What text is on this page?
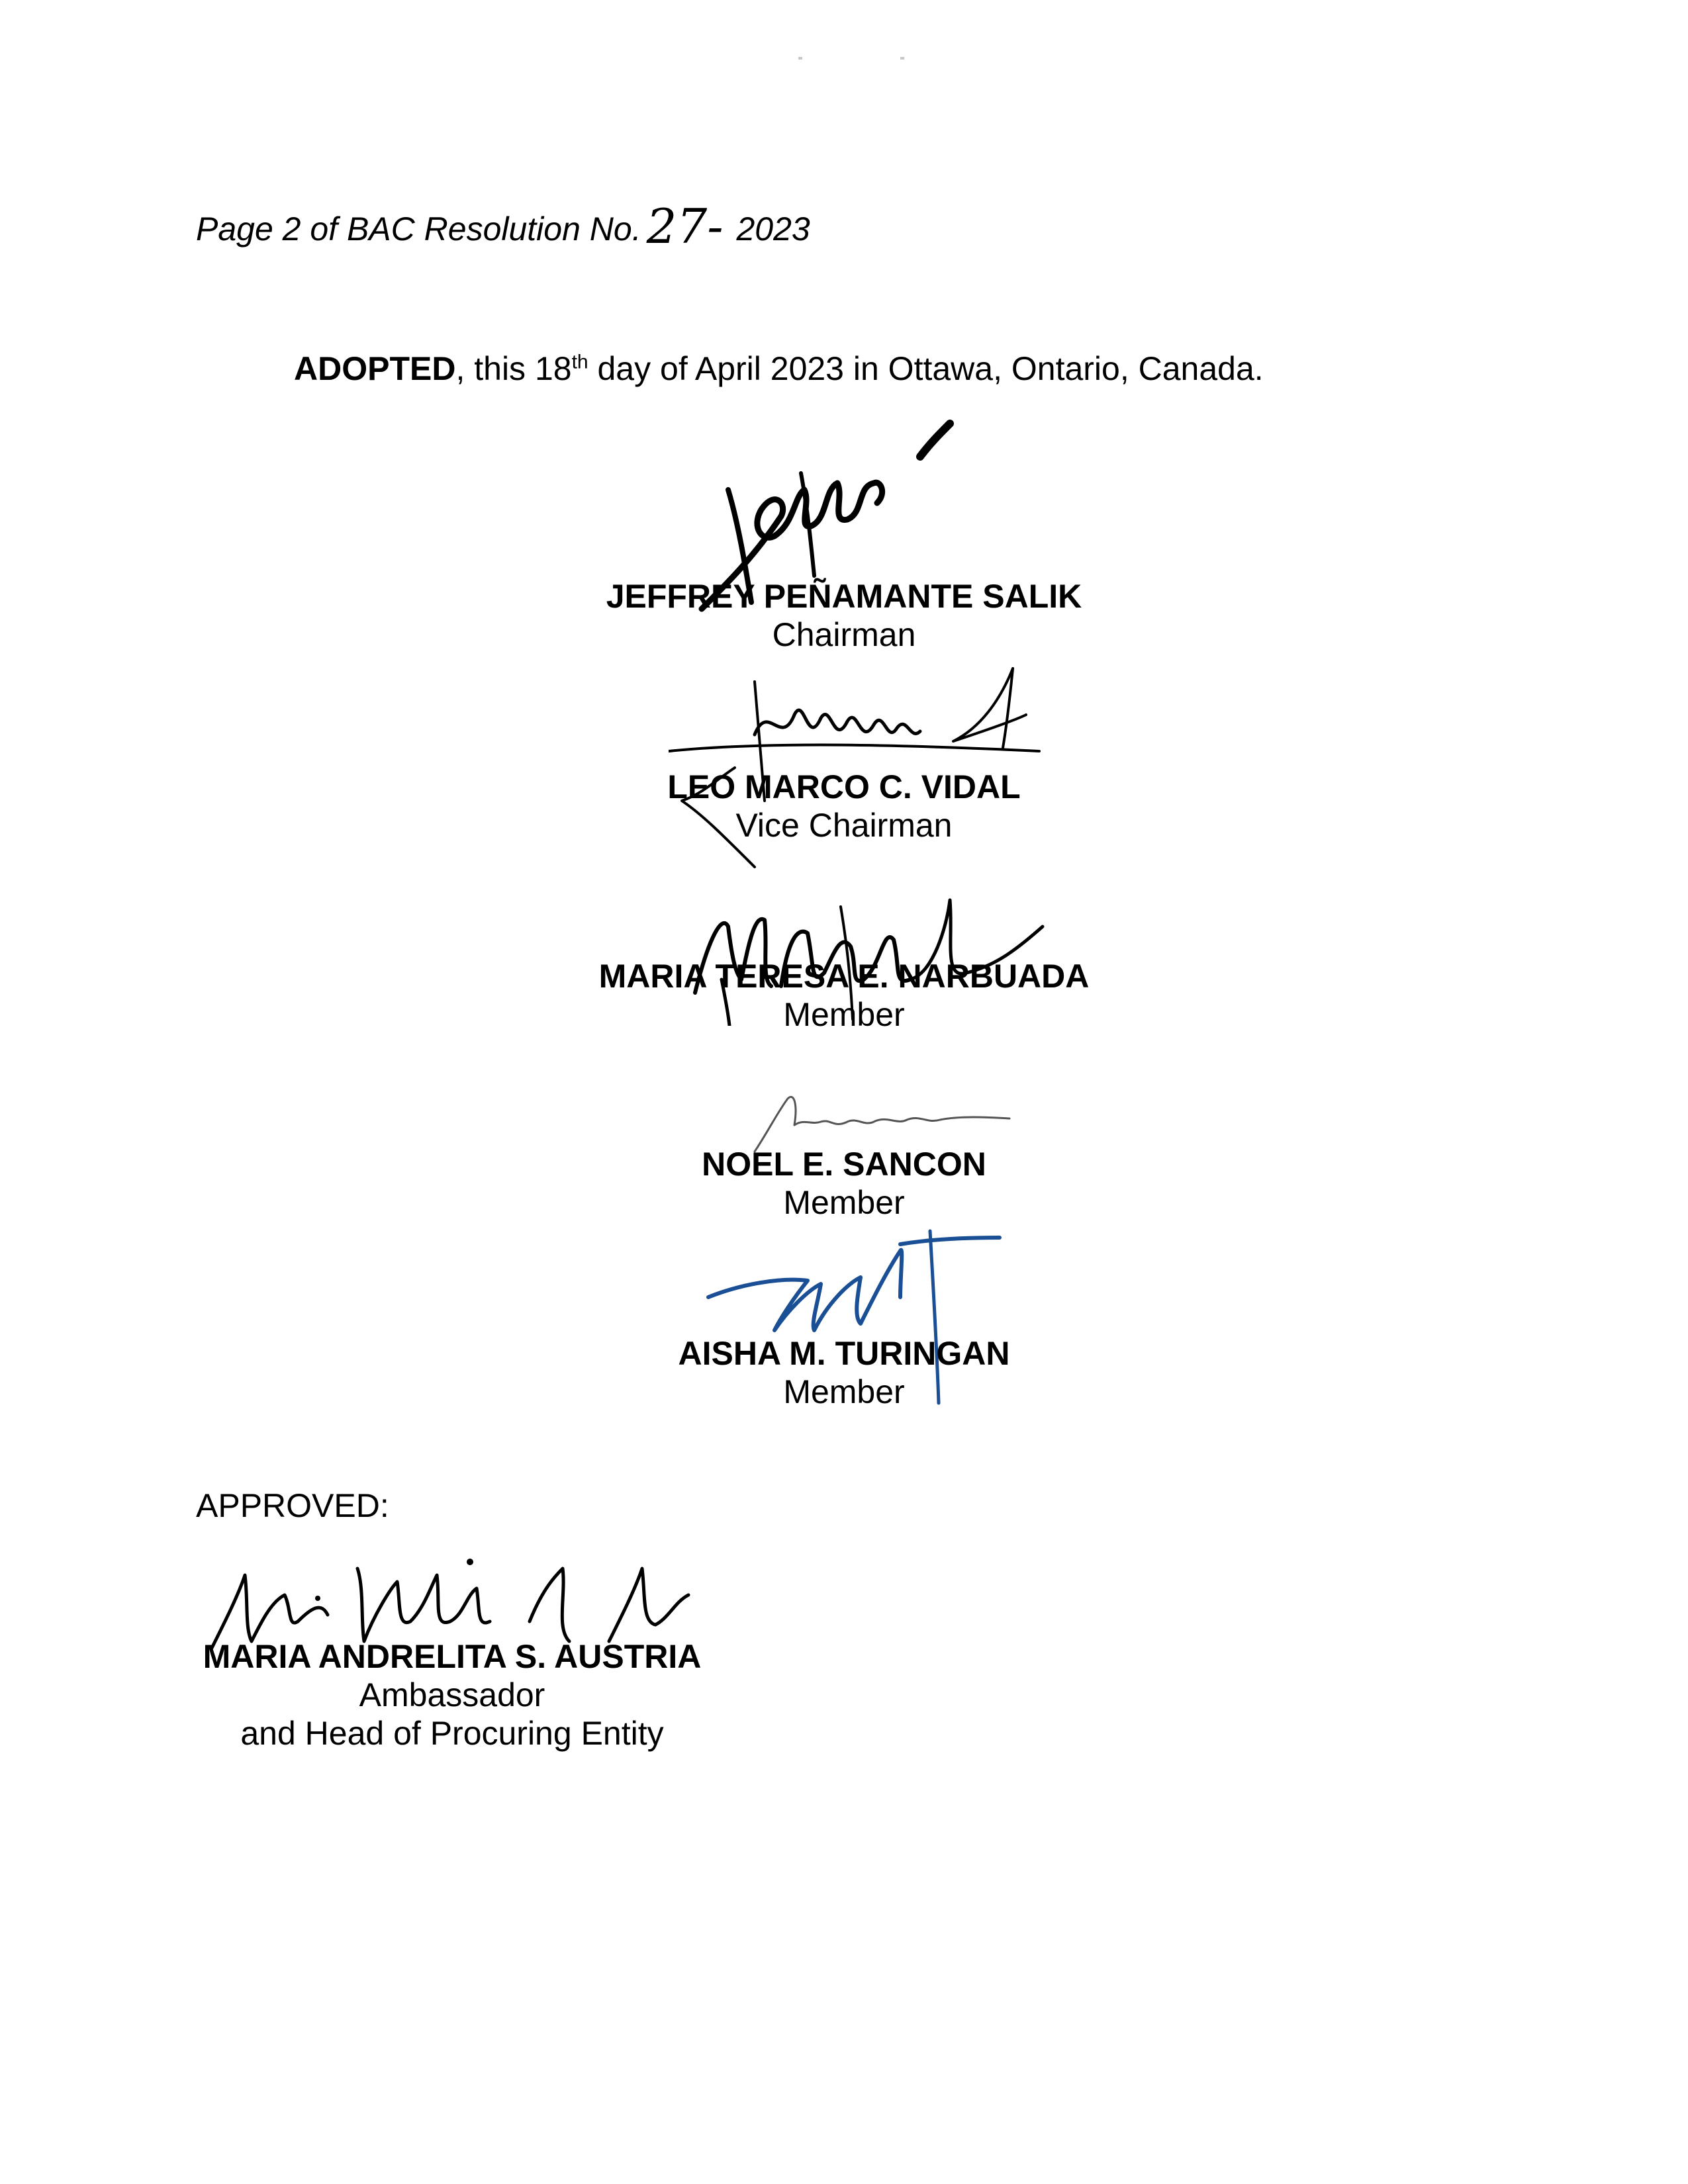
Page 2 of BAC Resolution No. 27- 2023
ADOPTED, this 18th day of April 2023 in Ottawa, Ontario, Canada.
JEFFREY PEÑAMANTE SALIK
Chairman
LEO MARCO C. VIDAL
Vice Chairman
MARIA TERESA E. NARBUADA
Member
NOEL E. SANCON
Member
AISHA M. TURINGAN
Member
APPROVED:
MARIA ANDRELITA S. AUSTRIA
Ambassador
and Head of Procuring Entity
